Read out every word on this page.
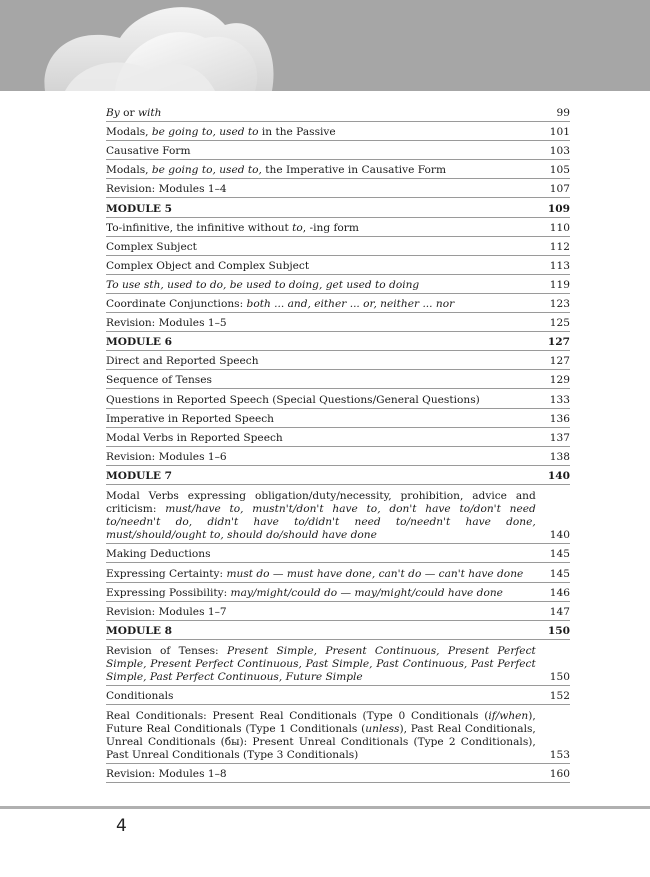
By or with	99
Modals, be going to, used to in the Passive	101
Causative Form	103
Modals, be going to, used to, the Imperative in Causative Form	105
Revision: Modules 1–4	107
MODULE 5	109
To-infinitive, the infinitive without to, -ing form	110
Complex Subject	112
Complex Object and Complex Subject	113
To use sth, used to do, be used to doing, get used to doing	119
Coordinate Conjunctions: both ... and, either ... or, neither ... nor	123
Revision: Modules 1–5	125
MODULE 6	127
Direct and Reported Speech	127
Sequence of Tenses	129
Questions in Reported Speech (Special Questions/General Questions)	133
Imperative in Reported Speech	136
Modal Verbs in Reported Speech	137
Revision: Modules 1–6	138
MODULE 7	140
Modal Verbs expressing obligation/duty/necessity, prohibition, advice and criticism: must/have to, mustn't/don't have to, don't have to/don't need to/needn't do, didn't have to/didn't need to/needn't have done, must/should/ought to, should do/should have done	140
Making Deductions	145
Expressing Certainty: must do — must have done, can't do — can't have done	145
Expressing Possibility: may/might/could do — may/might/could have done	146
Revision: Modules 1–7	147
MODULE 8	150
Revision of Tenses: Present Simple, Present Continuous, Present Perfect Simple, Present Perfect Continuous, Past Simple, Past Continuous, Past Perfect Simple, Past Perfect Continuous, Future Simple	150
Conditionals	152
Real Conditionals: Present Real Conditionals (Type 0 Conditionals (if/when), Future Real Conditionals (Type 1 Conditionals (unless), Past Real Conditionals, Unreal Conditionals (бы): Present Unreal Conditionals (Type 2 Conditionals), Past Unreal Conditionals (Type 3 Conditionals)	153
Revision: Modules 1–8	160
4
